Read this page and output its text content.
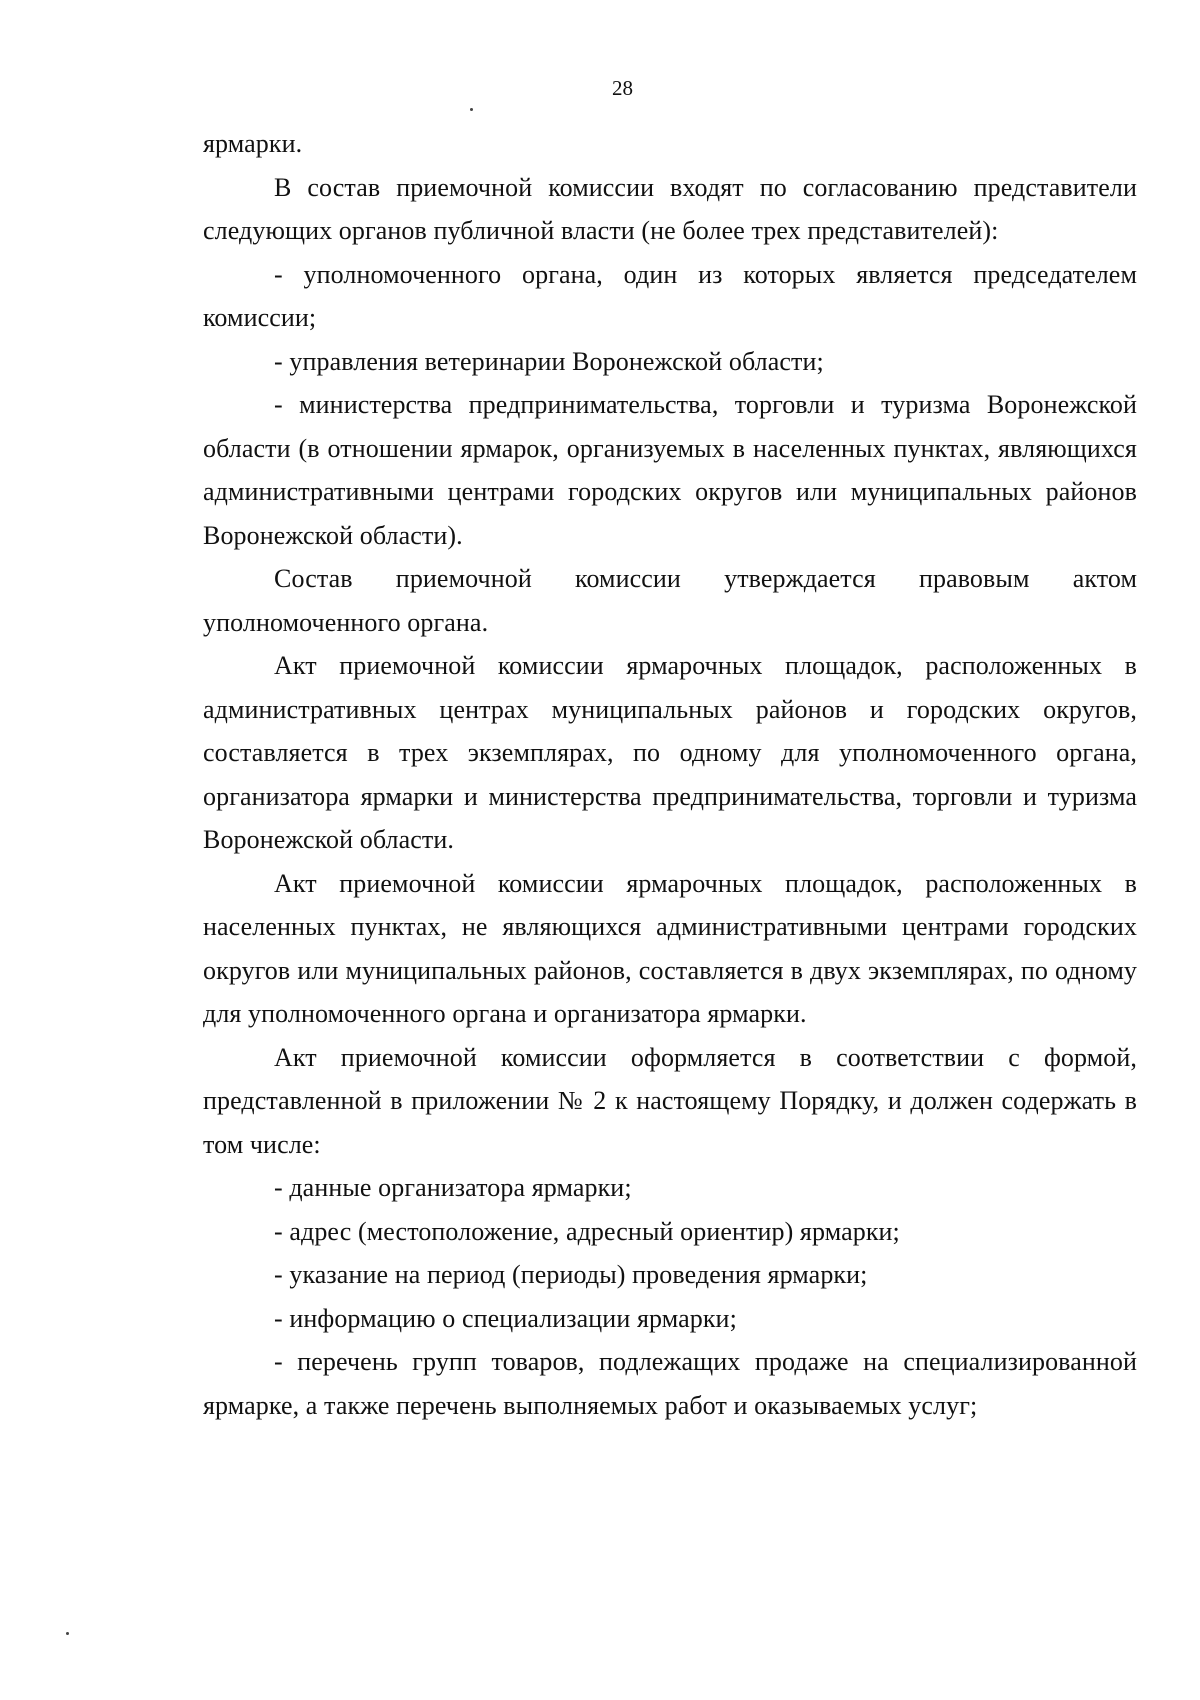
28

ярмарки.

В состав приемочной комиссии входят по согласованию представители следующих органов публичной власти (не более трех представителей):

- уполномоченного органа, один из которых является председателем комиссии;

- управления ветеринарии Воронежской области;

- министерства предпринимательства, торговли и туризма Воронежской области (в отношении ярмарок, организуемых в населенных пунктах, являющихся административными центрами городских округов или муниципальных районов Воронежской области).

Состав приемочной комиссии утверждается правовым актом уполномоченного органа.

Акт приемочной комиссии ярмарочных площадок, расположенных в административных центрах муниципальных районов и городских округов, составляется в трех экземплярах, по одному для уполномоченного органа, организатора ярмарки и министерства предпринимательства, торговли и туризма Воронежской области.

Акт приемочной комиссии ярмарочных площадок, расположенных в населенных пунктах, не являющихся административными центрами городских округов или муниципальных районов, составляется в двух экземплярах, по одному для уполномоченного органа и организатора ярмарки.

Акт приемочной комиссии оформляется в соответствии с формой, представленной в приложении № 2 к настоящему Порядку, и должен содержать в том числе:

- данные организатора ярмарки;

- адрес (местоположение, адресный ориентир) ярмарки;

- указание на период (периоды) проведения ярмарки;

- информацию о специализации ярмарки;

- перечень групп товаров, подлежащих продаже на специализированной ярмарке, а также перечень выполняемых работ и оказываемых услуг;
